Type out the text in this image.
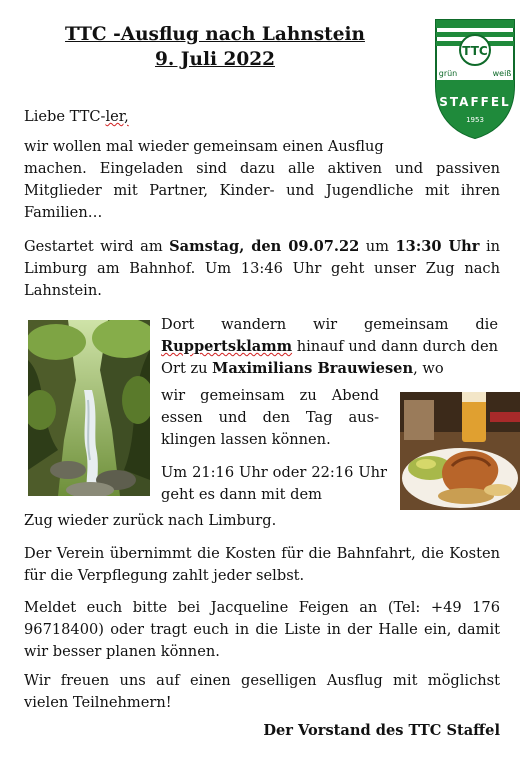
TTC -Ausflug nach Lahnstein
9. Juli 2022	TTC
grün	weiß
STAFFEL
1953
Liebe TTC-ler,
wir wollen mal wieder gemeinsam einen Ausflug
machen. Eingeladen sind dazu alle aktiven und passiven Mitglieder mit Partner, Kinder- und Jugendliche mit ihren Familien…
Gestartet wird am Samstag, den 09.07.22 um 13:30 Uhr in Limburg am Bahnhof. Um 13:46 Uhr geht unser Zug nach Lahnstein.
Dort wandern wir gemeinsam die Ruppertsklamm hinauf und dann durch den Ort zu Maximilians Brauwiesen, wo
wir gemeinsam zu Abend essen und den Tag aus-klingen lassen können.
Um 21:16 Uhr oder 22:16 Uhr geht es dann mit dem
Zug wieder zurück nach Limburg.
Der Verein übernimmt die Kosten für die Bahnfahrt, die Kosten für die Verpflegung zahlt jeder selbst.
Meldet euch bitte bei Jacqueline Feigen an (Tel: +49 176 96718400) oder tragt euch in die Liste in der Halle ein, damit wir besser planen können.
Wir freuen uns auf einen geselligen Ausflug mit möglichst vielen Teilnehmern!
Der Vorstand des TTC Staffel
